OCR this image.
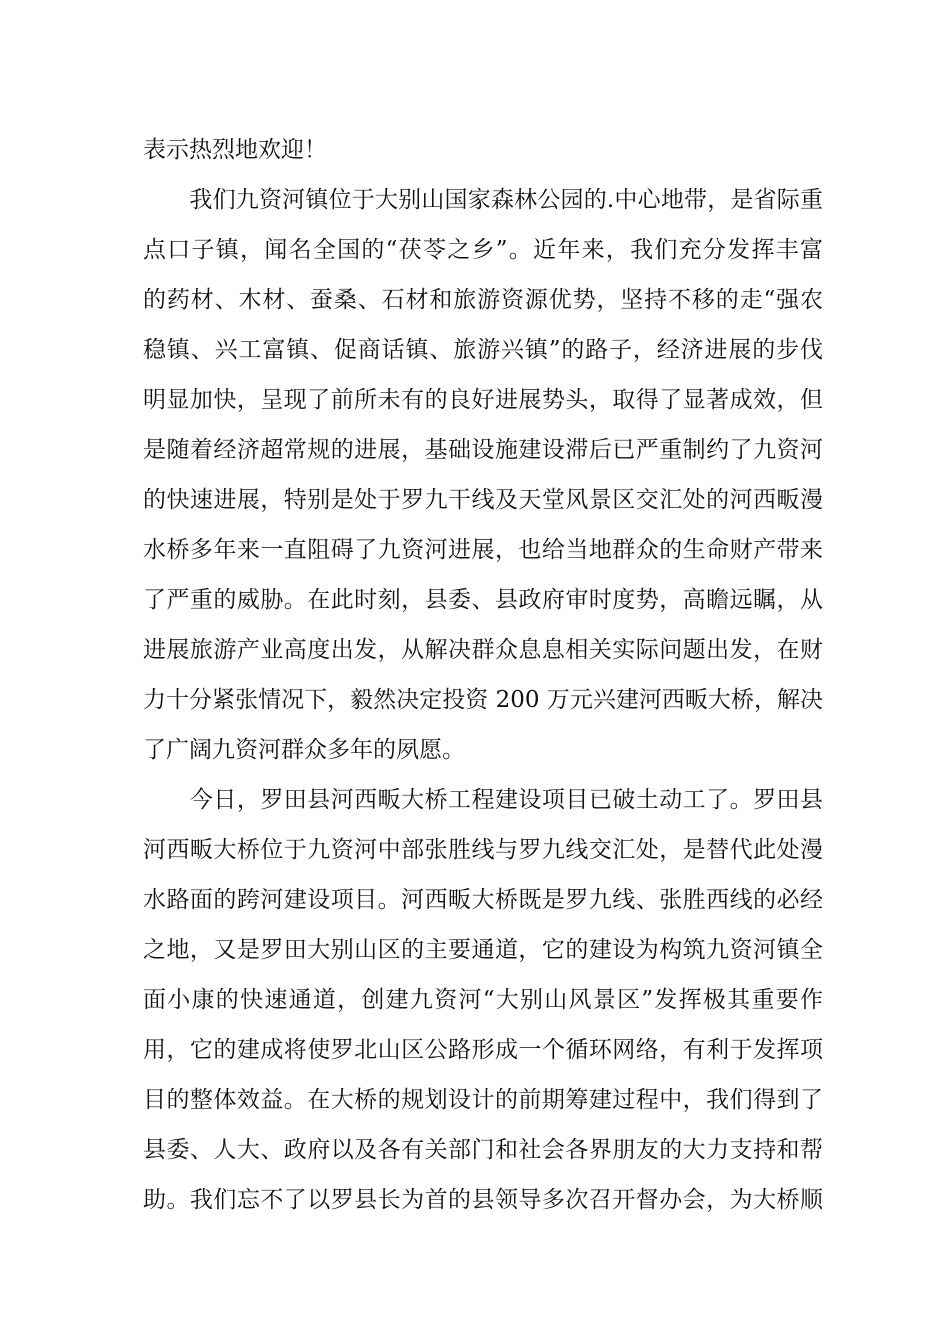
表示热烈地欢迎！
　　我们九资河镇位于大别山国家森林公园的.中心地带，是省际重
点口子镇，闻名全国的“茯苓之乡”。近年来，我们充分发挥丰富
的药材、木材、蚕桑、石材和旅游资源优势，坚持不移的走“强农
稳镇、兴工富镇、促商话镇、旅游兴镇”的路子，经济进展的步伐
明显加快，呈现了前所未有的良好进展势头，取得了显著成效，但
是随着经济超常规的进展，基础设施建设滞后已严重制约了九资河
的快速进展，特别是处于罗九干线及天堂风景区交汇处的河西畈漫
水桥多年来一直阻碍了九资河进展，也给当地群众的生命财产带来
了严重的威胁。在此时刻，县委、县政府审时度势，高瞻远瞩，从
进展旅游产业高度出发，从解决群众息息相关实际问题出发，在财
力十分紧张情况下，毅然决定投资 200 万元兴建河西畈大桥，解决
了广阔九资河群众多年的夙愿。
　　今日，罗田县河西畈大桥工程建设项目已破土动工了。罗田县
河西畈大桥位于九资河中部张胜线与罗九线交汇处，是替代此处漫
水路面的跨河建设项目。河西畈大桥既是罗九线、张胜西线的必经
之地，又是罗田大别山区的主要通道，它的建设为构筑九资河镇全
面小康的快速通道，创建九资河“大别山风景区”发挥极其重要作
用，它的建成将使罗北山区公路形成一个循环网络，有利于发挥项
目的整体效益。在大桥的规划设计的前期筹建过程中，我们得到了
县委、人大、政府以及各有关部门和社会各界朋友的大力支持和帮
助。我们忘不了以罗县长为首的县领导多次召开督办会，为大桥顺
